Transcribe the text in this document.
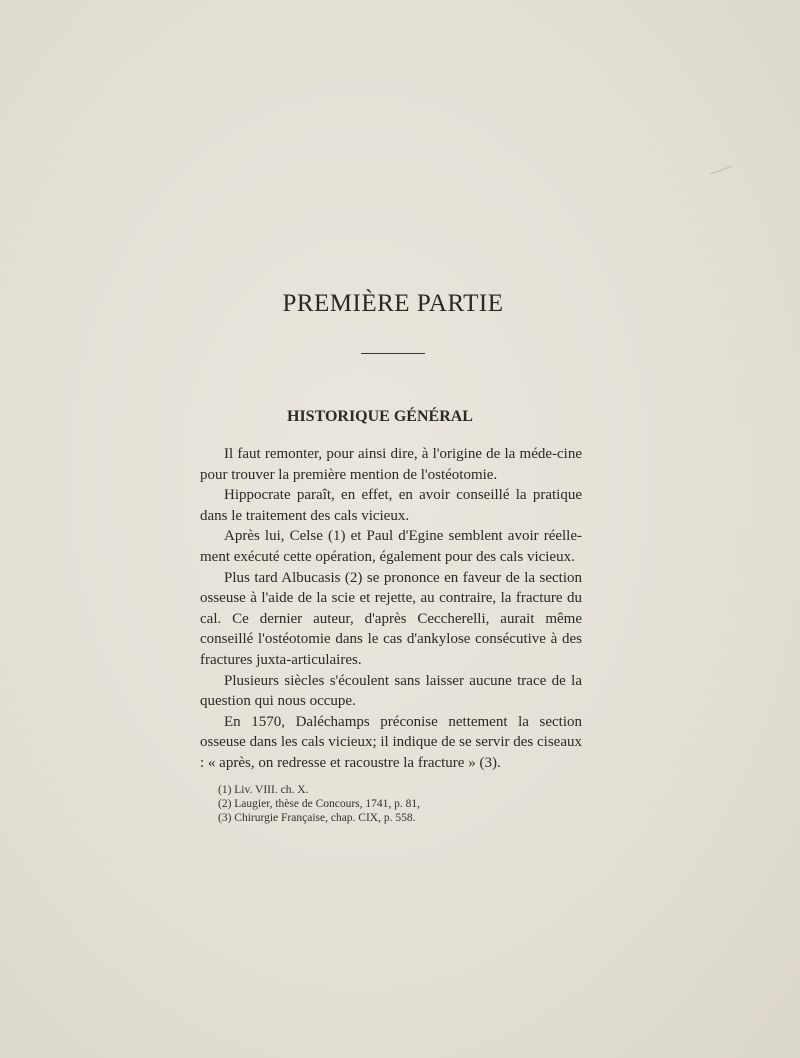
PREMIÈRE PARTIE
HISTORIQUE GÉNÉRAL

Il faut remonter, pour ainsi dire, à l'origine de la méde-cine pour trouver la première mention de l'ostéotomie.

Hippocrate paraît, en effet, en avoir conseillé la pratique dans le traitement des cals vicieux.

Après lui, Celse (1) et Paul d'Egine semblent avoir réelle-ment exécuté cette opération, également pour des cals vicieux.

Plus tard Albucasis (2) se prononce en faveur de la section osseuse à l'aide de la scie et rejette, au contraire, la fracture du cal. Ce dernier auteur, d'après Ceccherelli, aurait même conseillé l'ostéotomie dans le cas d'ankylose consécutive à des fractures juxta-articulaires.

Plusieurs siècles s'écoulent sans laisser aucune trace de la question qui nous occupe.

En 1570, Daléchamps préconise nettement la section osseuse dans les cals vicieux; il indique de se servir des ciseaux : « après, on redresse et racoustre la fracture » (3).

(1) Liv. VIII. ch. X.
(2) Laugier, thèse de Concours, 1741, p. 81,
(3) Chirurgie Française, chap. CIX, p. 558.
